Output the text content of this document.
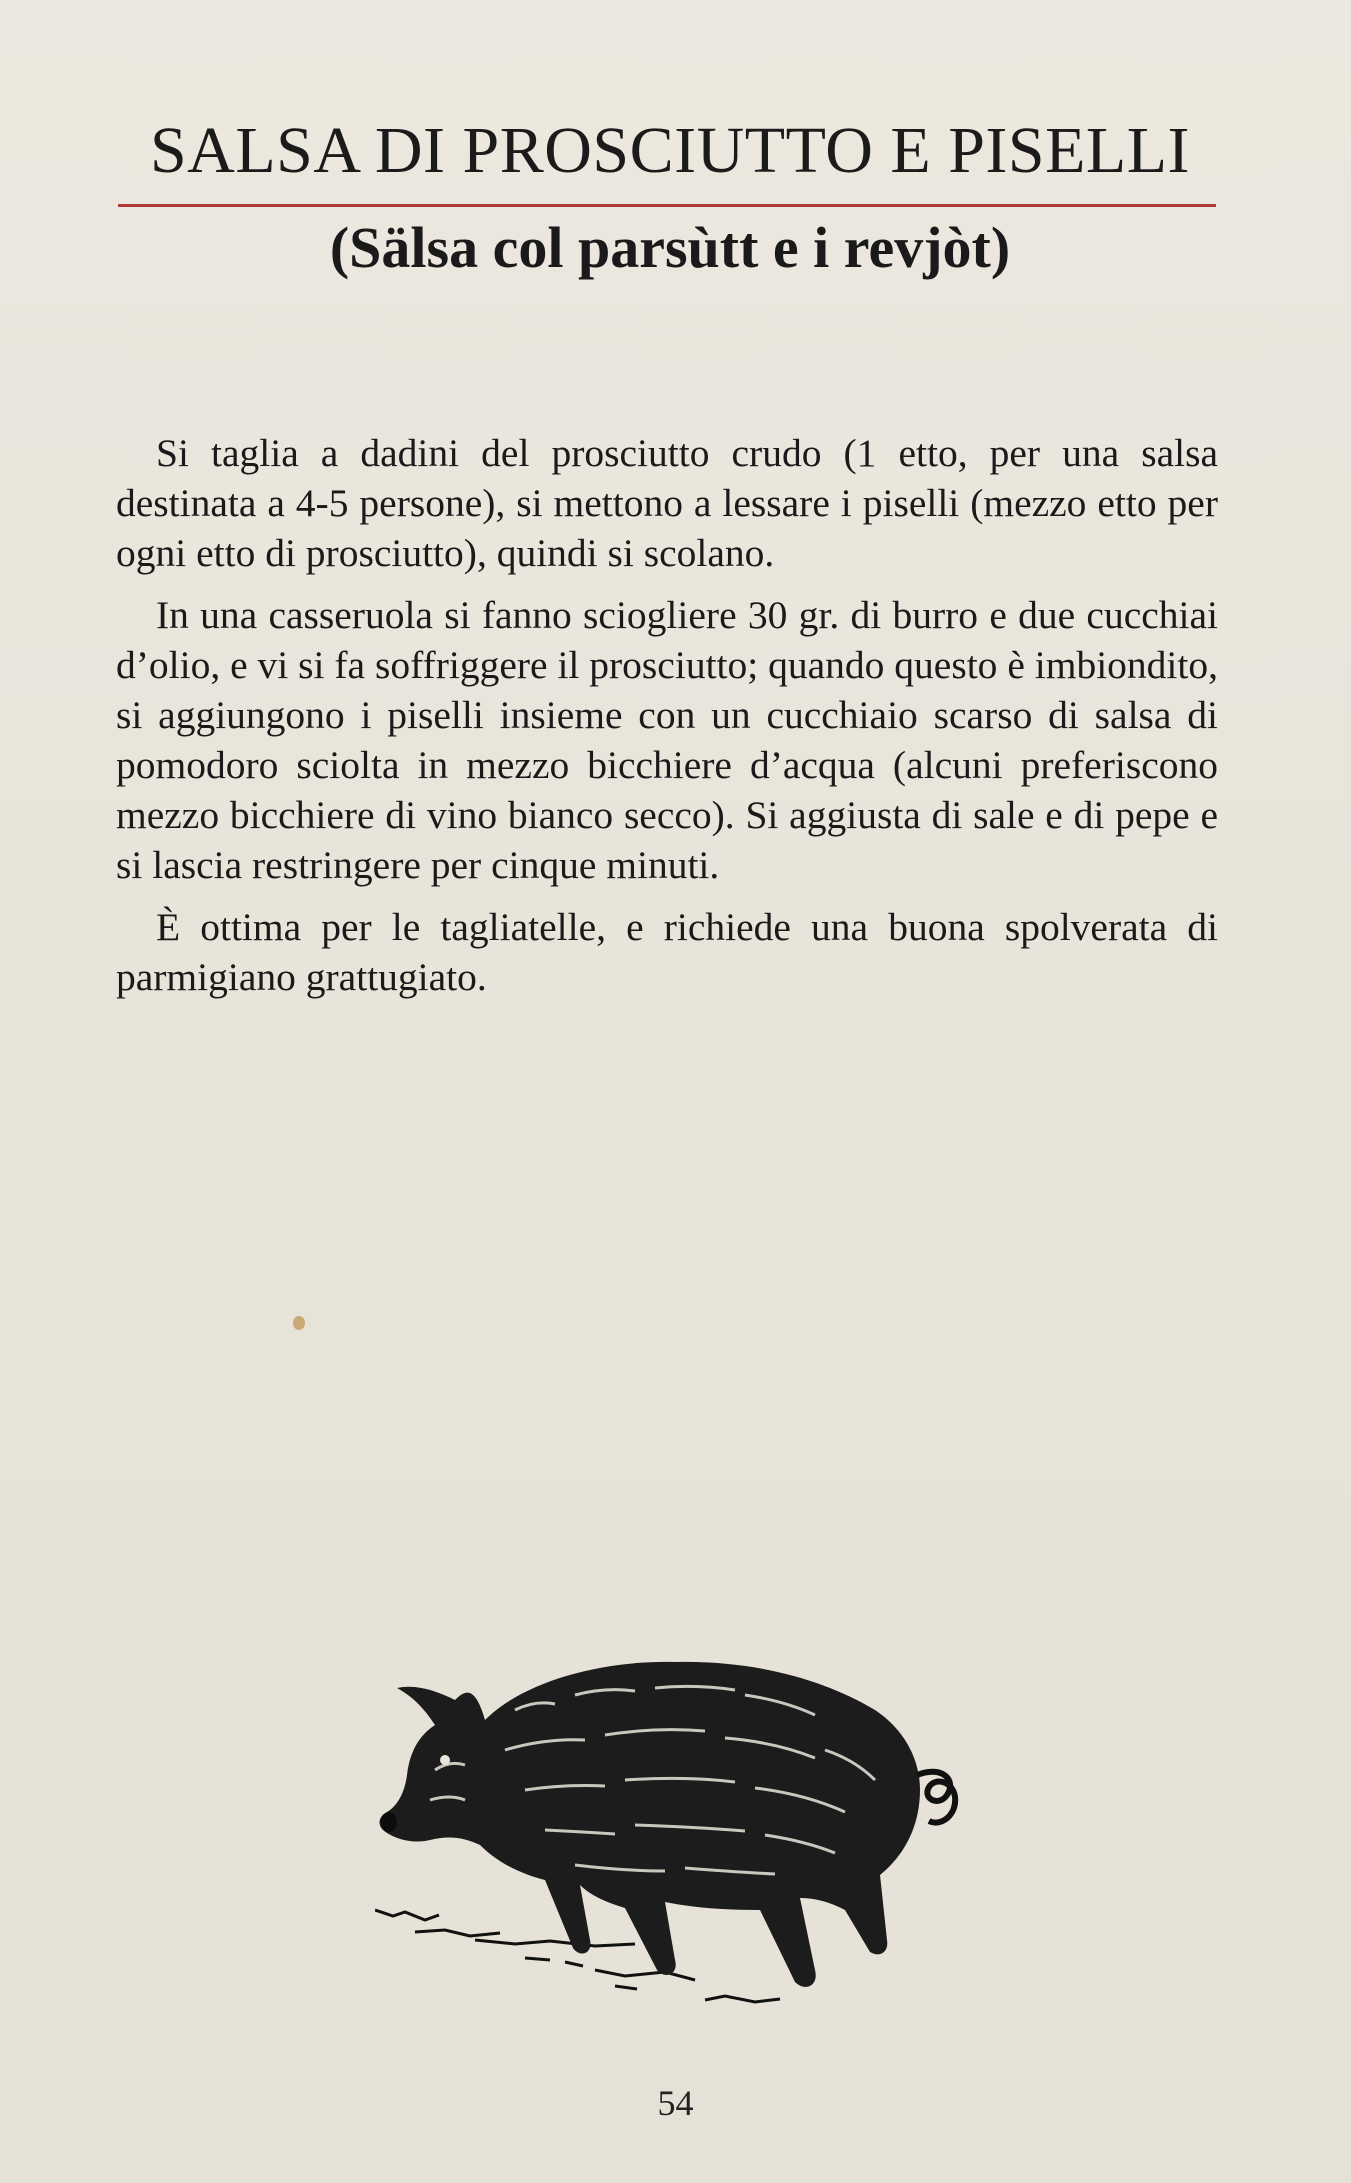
SALSA DI PROSCIUTTO E PISELLI
(Sälsa col parsùtt e i revjòt)

Si taglia a dadini del prosciutto crudo (1 etto, per una salsa destinata a 4-5 persone), si mettono a lessare i piselli (mezzo etto per ogni etto di prosciutto), quindi si scolano.

In una casseruola si fanno sciogliere 30 gr. di burro e due cucchiai d’olio, e vi si fa soffriggere il prosciutto; quando questo è imbiondito, si aggiungono i piselli insieme con un cucchiaio scarso di salsa di pomodoro sciolta in mezzo bicchiere d’acqua (alcuni preferiscono mezzo bicchiere di vino bianco secco). Si aggiusta di sale e di pepe e si lascia restringere per cinque minuti.

È ottima per le tagliatelle, e richiede una buona spolverata di parmigiano grattugiato.

54
